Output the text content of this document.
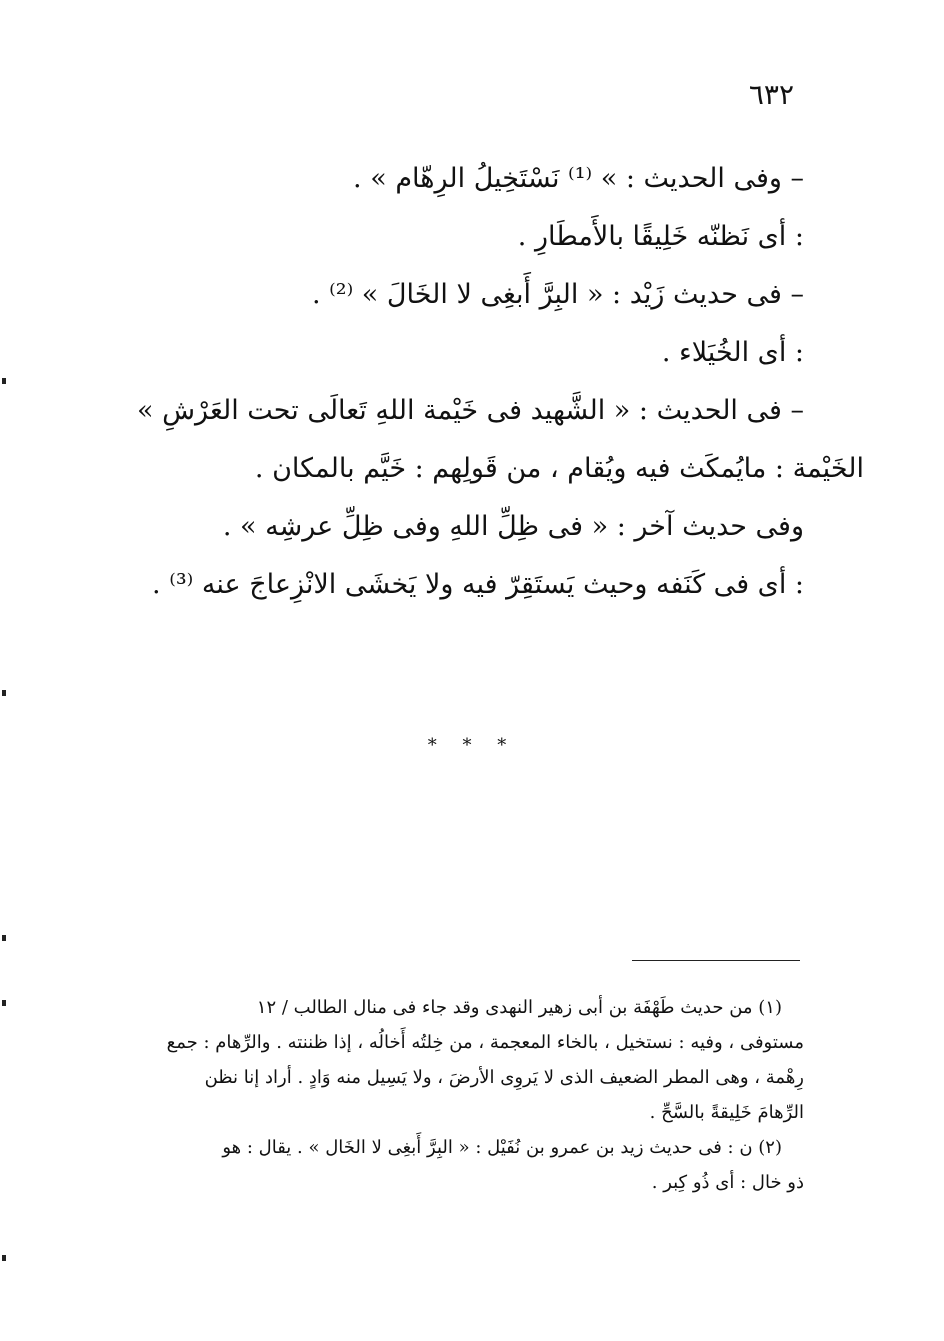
٦٣٢
– وفى الحديث : » ⁽¹⁾ نَسْتَخِيلُ الرِهّام » .
: أى نَظنّه خَلِيقًا بالأَمطَارِ .
– فى حديث زَيْد : « البِرَّ أَبغِى لا الخَالَ » ⁽²⁾ .
: أى الخُيَلاء .
– فى الحديث : « الشَّهيد فى خَيْمة اللهِ تَعالَى تحت العَرْشِ »
الخَيْمة : مايُمكَث فيه ويُقام ، من قَولِهم : خَيَّم بالمكان .
وفى حديث آخر : « فى ظِلِّ اللهِ وفى ظِلِّ عرشِه » .
: أى فى كَنَفه وحيث يَستَقِرّ فيه ولا يَخشَى الانْزِعاجَ عنه ⁽³⁾ .
* * *
(١) من حديث طَهْفَة بن أبى زهير النهدى وقد جاء فى منال الطالب / ١٢
مستوفى ، وفيه : نستخيل ، بالخاء المعجمة ، من خِلتُه أَخالُه ، إذا ظننته . والرِّهام : جمع
رِهْمة ، وهى المطر الضعيف الذى لا يَروِى الأرضَ ، ولا يَسِيل منه وَادٍ . أراد إنا نظن
الرِّهامَ خَلِيقةً بالسَّحِّ .
(٢) ن : فى حديث زيد بن عمرو بن نُفَيْل : « البِرَّ أَبغِى لا الخَال » . يقال : هو
ذو خال : أى ذُو كِبر .
